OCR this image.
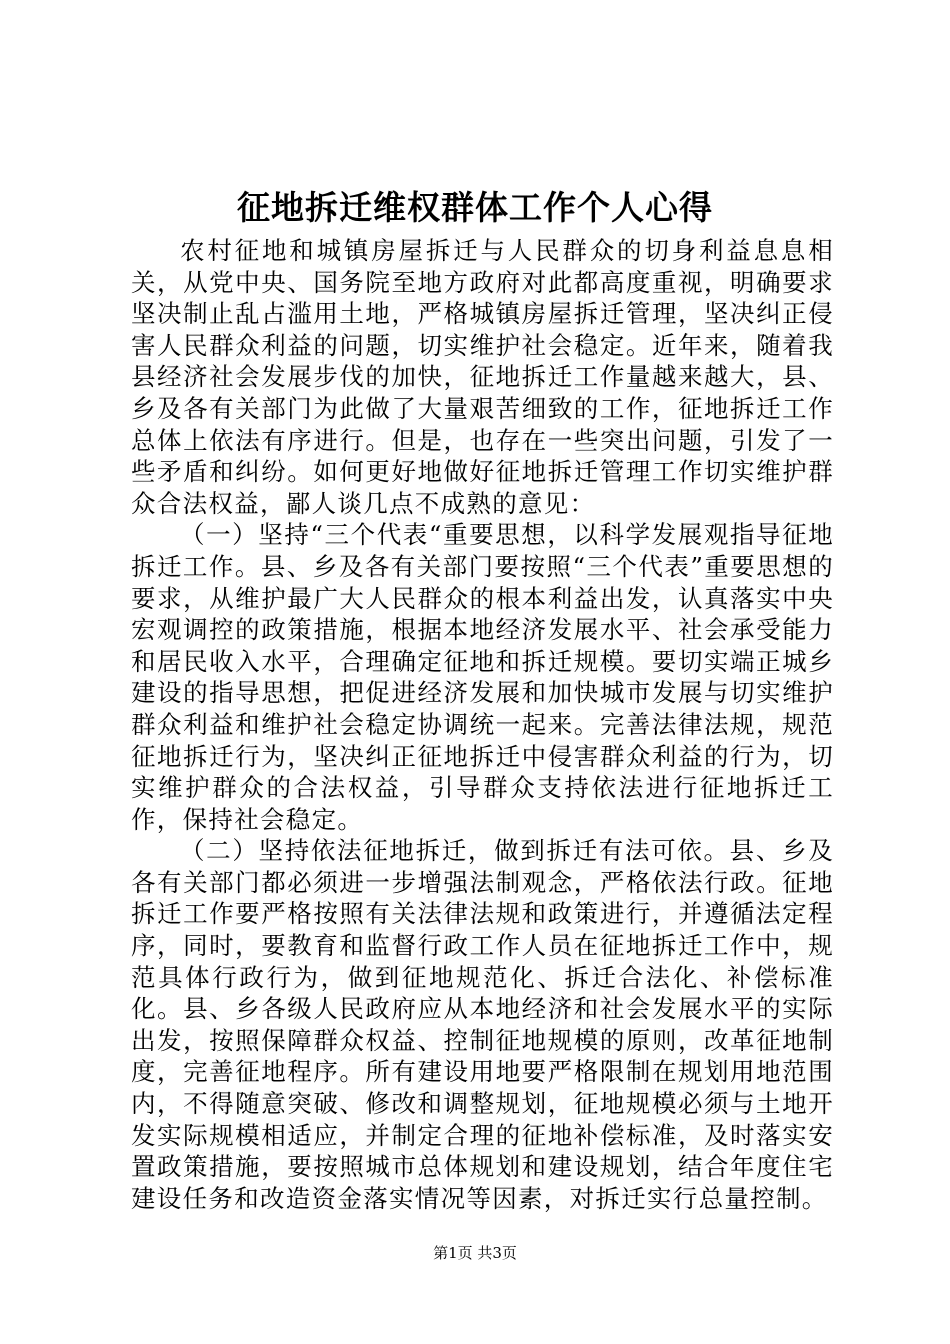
征地拆迁维权群体工作个人心得

农村征地和城镇房屋拆迁与人民群众的切身利益息息相关，从党中央、国务院至地方政府对此都高度重视，明确要求坚决制止乱占滥用土地，严格城镇房屋拆迁管理，坚决纠正侵害人民群众利益的问题，切实维护社会稳定。近年来，随着我县经济社会发展步伐的加快，征地拆迁工作量越来越大，县、乡及各有关部门为此做了大量艰苦细致的工作，征地拆迁工作总体上依法有序进行。但是，也存在一些突出问题，引发了一些矛盾和纠纷。如何更好地做好征地拆迁管理工作切实维护群众合法权益，鄙人谈几点不成熟的意见：

（一）坚持“三个代表“重要思想，以科学发展观指导征地拆迁工作。县、乡及各有关部门要按照“三个代表”重要思想的要求，从维护最广大人民群众的根本利益出发，认真落实中央宏观调控的政策措施，根据本地经济发展水平、社会承受能力和居民收入水平，合理确定征地和拆迁规模。要切实端正城乡建设的指导思想，把促进经济发展和加快城市发展与切实维护群众利益和维护社会稳定协调统一起来。完善法律法规，规范征地拆迁行为，坚决纠正征地拆迁中侵害群众利益的行为，切实维护群众的合法权益，引导群众支持依法进行征地拆迁工作，保持社会稳定。

（二）坚持依法征地拆迁，做到拆迁有法可依。县、乡及各有关部门都必须进一步增强法制观念，严格依法行政。征地拆迁工作要严格按照有关法律法规和政策进行，并遵循法定程序，同时，要教育和监督行政工作人员在征地拆迁工作中，规范具体行政行为，做到征地规范化、拆迁合法化、补偿标准化。县、乡各级人民政府应从本地经济和社会发展水平的实际出发，按照保障群众权益、控制征地规模的原则，改革征地制度，完善征地程序。所有建设用地要严格限制在规划用地范围内，不得随意突破、修改和调整规划，征地规模必须与土地开发实际规模相适应，并制定合理的征地补偿标准，及时落实安置政策措施，要按照城市总体规划和建设规划，结合年度住宅建设任务和改造资金落实情况等因素，对拆迁实行总量控制。

第1页 共3页
